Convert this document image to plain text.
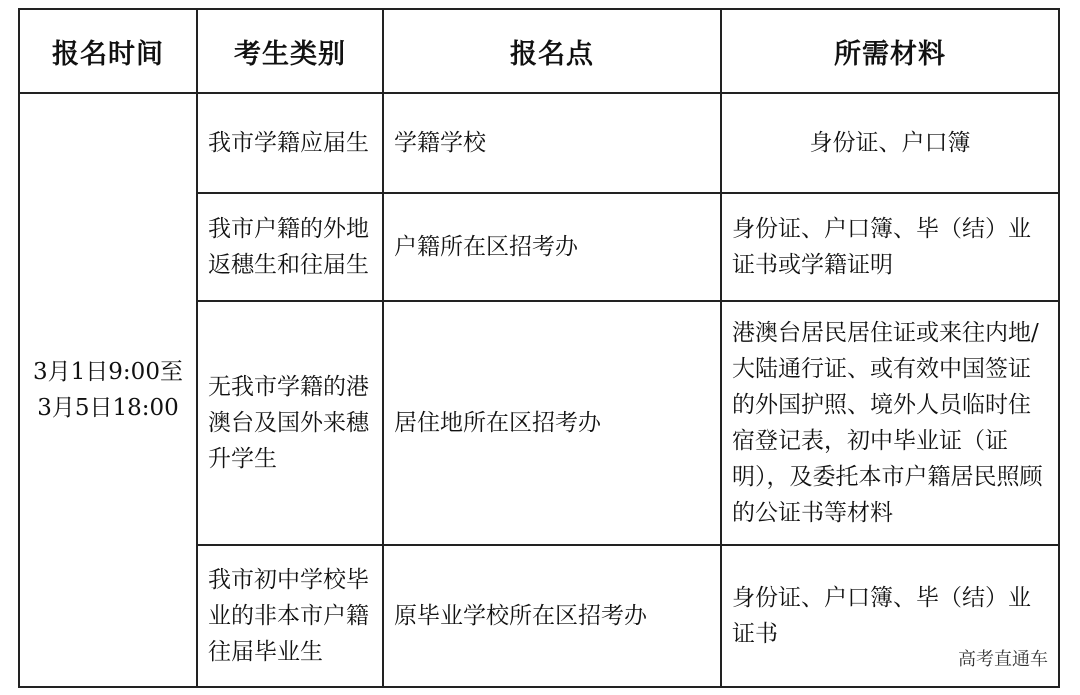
报名时间	考生类别	报名点	所需材料
3月1日9:00至3月5日18:00	我市学籍应届生	学籍学校	身份证、户口簿
	我市户籍的外地返穗生和往届生	户籍所在区招考办	身份证、户口簿、毕（结）业证书或学籍证明
	无我市学籍的港澳台及国外来穗升学生	居住地所在区招考办	港澳台居民居住证或来往内地/大陆通行证、或有效中国签证的外国护照、境外人员临时住宿登记表，初中毕业证（证明），及委托本市户籍居民照顾的公证书等材料
	我市初中学校毕业的非本市户籍往届毕业生	原毕业学校所在区招考办	身份证、户口簿、毕（结）业证书
高考直通车
